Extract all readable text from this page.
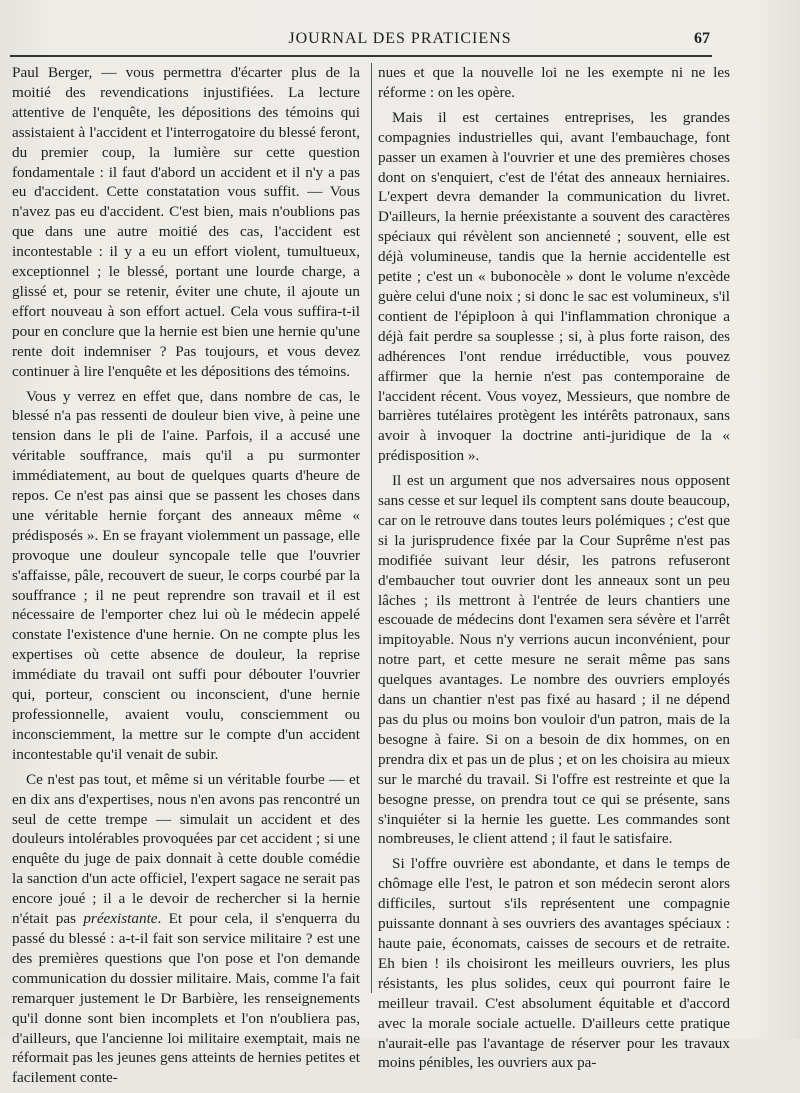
JOURNAL DES PRATICIENS	67

Paul Berger, — vous permettra d'écarter plus de la moitié des revendications injustifiées. La lecture attentive de l'enquête, les dépositions des témoins qui assistaient à l'accident et l'interrogatoire du blessé feront, du premier coup, la lumière sur cette question fondamentale : il faut d'abord un accident et il n'y a pas eu d'accident. Cette constatation vous suffit. — Vous n'avez pas eu d'accident. C'est bien, mais n'oublions pas que dans une autre moitié des cas, l'accident est incontestable : il y a eu un effort violent, tumultueux, exceptionnel ; le blessé, portant une lourde charge, a glissé et, pour se retenir, éviter une chute, il ajoute un effort nouveau à son effort actuel. Cela vous suffira-t-il pour en conclure que la hernie est bien une hernie qu'une rente doit indemniser ? Pas toujours, et vous devez continuer à lire l'enquête et les dépositions des témoins.

Vous y verrez en effet que, dans nombre de cas, le blessé n'a pas ressenti de douleur bien vive, à peine une tension dans le pli de l'aine. Parfois, il a accusé une véritable souffrance, mais qu'il a pu surmonter immédiatement, au bout de quelques quarts d'heure de repos. Ce n'est pas ainsi que se passent les choses dans une véritable hernie forçant des anneaux même « prédisposés ». En se frayant violemment un passage, elle provoque une douleur syncopale telle que l'ouvrier s'affaisse, pâle, recouvert de sueur, le corps courbé par la souffrance ; il ne peut reprendre son travail et il est nécessaire de l'emporter chez lui où le médecin appelé constate l'existence d'une hernie. On ne compte plus les expertises où cette absence de douleur, la reprise immédiate du travail ont suffi pour débouter l'ouvrier qui, porteur, conscient ou inconscient, d'une hernie professionnelle, avaient voulu, consciemment ou inconsciemment, la mettre sur le compte d'un accident incontestable qu'il venait de subir.

Ce n'est pas tout, et même si un véritable fourbe — et en dix ans d'expertises, nous n'en avons pas rencontré un seul de cette trempe — simulait un accident et des douleurs intolérables provoquées par cet accident ; si une enquête du juge de paix donnait à cette double comédie la sanction d'un acte officiel, l'expert sagace ne serait pas encore joué ; il a le devoir de rechercher si la hernie n'était pas préexistante. Et pour cela, il s'enquerra du passé du blessé : a-t-il fait son service militaire ? est une des premières questions que l'on pose et l'on demande communication du dossier militaire. Mais, comme l'a fait remarquer justement le Dr Barbière, les renseignements qu'il donne sont bien incomplets et l'on n'oubliera pas, d'ailleurs, que l'ancienne loi militaire exemptait, mais ne réformait pas les jeunes gens atteints de hernies petites et facilement conte-

nues et que la nouvelle loi ne les exempte ni ne les réforme : on les opère.

Mais il est certaines entreprises, les grandes compagnies industrielles qui, avant l'embauchage, font passer un examen à l'ouvrier et une des premières choses dont on s'enquiert, c'est de l'état des anneaux herniaires. L'expert devra demander la communication du livret. D'ailleurs, la hernie préexistante a souvent des caractères spéciaux qui révèlent son ancienneté ; souvent, elle est déjà volumineuse, tandis que la hernie accidentelle est petite ; c'est un « bubonocèle » dont le volume n'excède guère celui d'une noix ; si donc le sac est volumineux, s'il contient de l'épiploon à qui l'inflammation chronique a déjà fait perdre sa souplesse ; si, à plus forte raison, des adhérences l'ont rendue irréductible, vous pouvez affirmer que la hernie n'est pas contemporaine de l'accident récent. Vous voyez, Messieurs, que nombre de barrières tutélaires protègent les intérêts patronaux, sans avoir à invoquer la doctrine anti-juridique de la « prédisposition ».

Il est un argument que nos adversaires nous opposent sans cesse et sur lequel ils comptent sans doute beaucoup, car on le retrouve dans toutes leurs polémiques ; c'est que si la jurisprudence fixée par la Cour Suprême n'est pas modifiée suivant leur désir, les patrons refuseront d'embaucher tout ouvrier dont les anneaux sont un peu lâches ; ils mettront à l'entrée de leurs chantiers une escouade de médecins dont l'examen sera sévère et l'arrêt impitoyable. Nous n'y verrions aucun inconvénient, pour notre part, et cette mesure ne serait même pas sans quelques avantages. Le nombre des ouvriers employés dans un chantier n'est pas fixé au hasard ; il ne dépend pas du plus ou moins bon vouloir d'un patron, mais de la besogne à faire. Si on a besoin de dix hommes, on en prendra dix et pas un de plus ; et on les choisira au mieux sur le marché du travail. Si l'offre est restreinte et que la besogne presse, on prendra tout ce qui se présente, sans s'inquiéter si la hernie les guette. Les commandes sont nombreuses, le client attend ; il faut le satisfaire.

Si l'offre ouvrière est abondante, et dans le temps de chômage elle l'est, le patron et son médecin seront alors difficiles, surtout s'ils représentent une compagnie puissante donnant à ses ouvriers des avantages spéciaux : haute paie, économats, caisses de secours et de retraite. Eh bien ! ils choisiront les meilleurs ouvriers, les plus résistants, les plus solides, ceux qui pourront faire le meilleur travail. C'est absolument équitable et d'accord avec la morale sociale actuelle. D'ailleurs cette pratique n'aurait-elle pas l'avantage de réserver pour les travaux moins pénibles, les ouvriers aux pa-
